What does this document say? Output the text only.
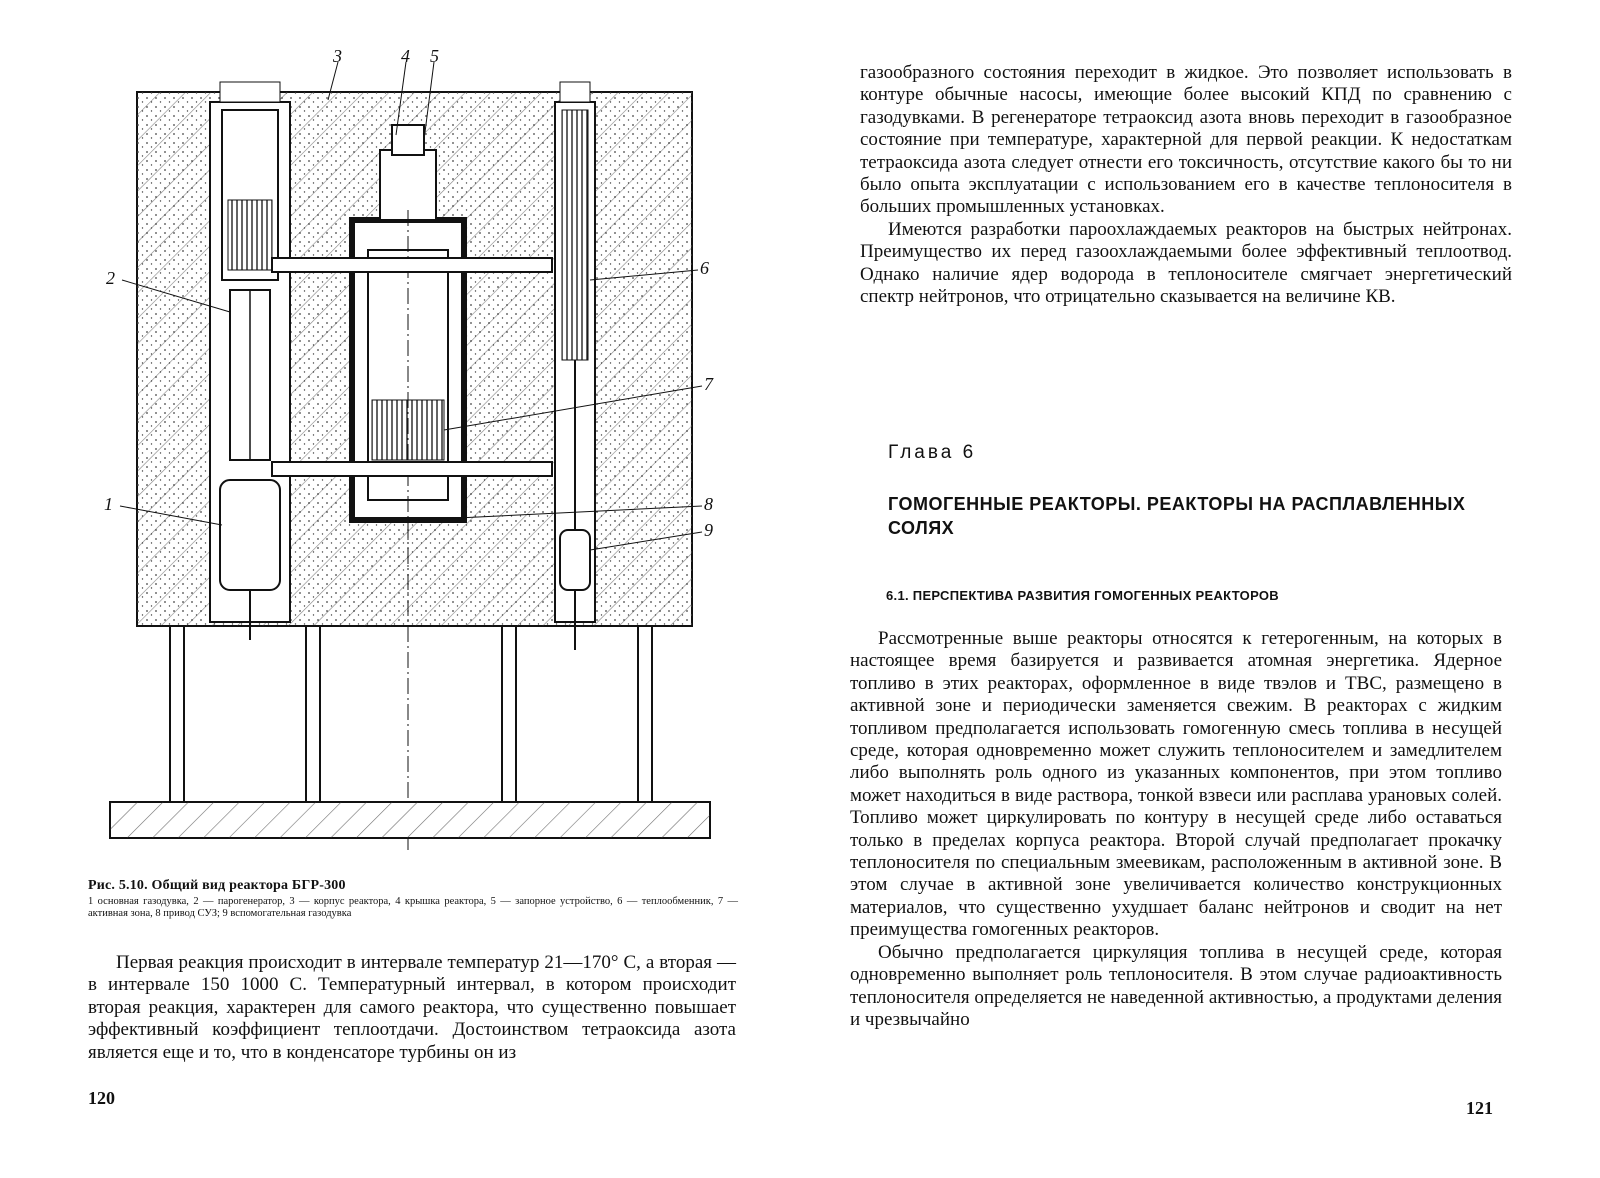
3	4 5
2	6
7
1	8
9
Рис. 5.10. Общий вид реактора БГР-300
1 основная газодувка, 2 — парогенератор, 3 — корпус реактора, 4 крышка реактора, 5 — запорное устройство, 6 — теплообменник, 7 — активная зона, 8 привод СУЗ; 9 вспомогательная газодувка

Первая реакция происходит в интервале температур 21—170° С, а вторая — в интервале 150 1000 С. Температурный интервал, в котором происходит вторая реакция, характерен для самого реактора, что существенно повышает эффективный коэффициент теплоотдачи. Достоинством тетраоксида азота является еще и то, что в конденсаторе турбины он из

120

газообразного состояния переходит в жидкое. Это позволяет использовать в контуре обычные насосы, имеющие более высокий КПД по сравнению с газодувками. В регенераторе тетраоксид азота вновь переходит в газообразное состояние при температуре, характерной для первой реакции. К недостаткам тетраоксида азота следует отнести его токсичность, отсутствие какого бы то ни было опыта эксплуатации с использованием его в качестве теплоносителя в больших промышленных установках.

Имеются разработки пароохлаждаемых реакторов на быстрых нейтронах. Преимущество их перед газоохлаждаемыми более эффективный теплоотвод. Однако наличие ядер водорода в теплоносителе смягчает энергетический спектр нейтронов, что отрицательно сказывается на величине КВ.

Глава 6
ГОМОГЕННЫЕ РЕАКТОРЫ. РЕАКТОРЫ НА РАСПЛАВЛЕННЫХ СОЛЯХ
6.1. ПЕРСПЕКТИВА РАЗВИТИЯ ГОМОГЕННЫХ РЕАКТОРОВ

Рассмотренные выше реакторы относятся к гетерогенным, на которых в настоящее время базируется и развивается атомная энергетика. Ядерное топливо в этих реакторах, оформленное в виде твэлов и ТВС, размещено в активной зоне и периодически заменяется свежим. В реакторах с жидким топливом предполагается использовать гомогенную смесь топлива в несущей среде, которая одновременно может служить теплоносителем и замедлителем либо выполнять роль одного из указанных компонентов, при этом топливо может находиться в виде раствора, тонкой взвеси или расплава урановых солей. Топливо может циркулировать по контуру в несущей среде либо оставаться только в пределах корпуса реактора. Второй случай предполагает прокачку теплоносителя по специальным змеевикам, расположенным в активной зоне. В этом случае в активной зоне увеличивается количество конструкционных материалов, что существенно ухудшает баланс нейтронов и сводит на нет преимущества гомогенных реакторов.

Обычно предполагается циркуляция топлива в несущей среде, которая одновременно выполняет роль теплоносителя. В этом случае радиоактивность теплоносителя определяется не наведенной активностью, а продуктами деления и чрезвычайно

121
